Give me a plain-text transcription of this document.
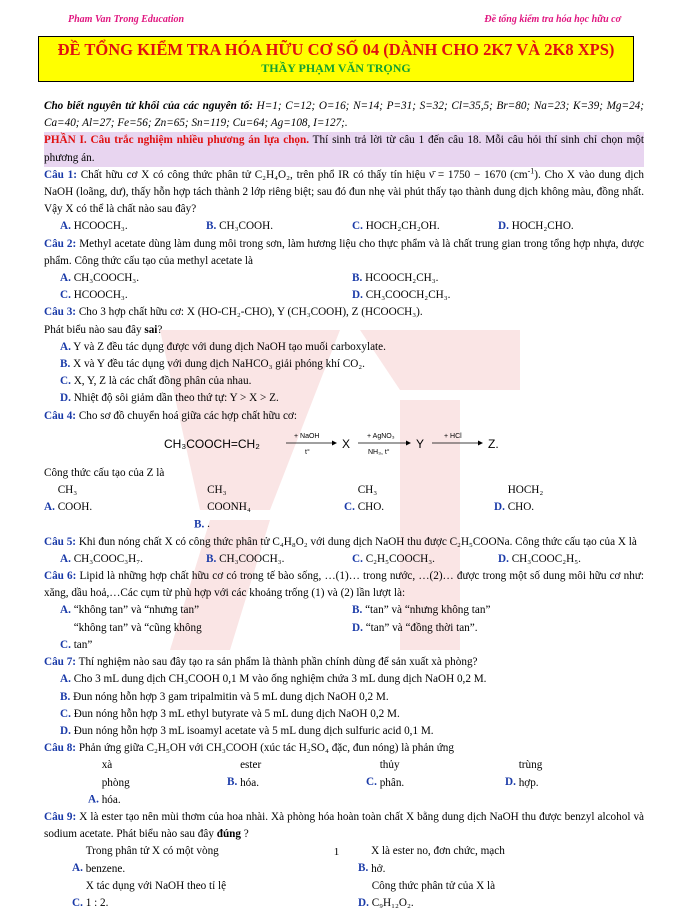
Pham Van Trong Education	Đề tổng kiểm tra hóa học hữu cơ
ĐỀ TỔNG KIỂM TRA HÓA HỮU CƠ SỐ 04 (DÀNH CHO 2K7 VÀ 2K8 XPS)
THẦY PHẠM VĂN TRỌNG

Cho biết nguyên tử khối của các nguyên tố: H=1; C=12; O=16; N=14; P=31; S=32; Cl=35,5; Br=80; Na=23; K=39; Mg=24; Ca=40; Al=27; Fe=56; Zn=65; Sn=119; Cu=64; Ag=108, I=127;.

PHẦN I. Câu trắc nghiệm nhiều phương án lựa chọn. Thí sinh trả lời từ câu 1 đến câu 18. Mỗi câu hỏi thí sinh chỉ chọn một phương án.

Câu 1: Chất hữu cơ X có công thức phân tử C₂H₄O₂, trên phổ IR có thấy tín hiệu ν̄ = 1750 − 1670 $(cm^{-1})$. Cho X vào dung dịch NaOH (loãng, dư), thấy hỗn hợp tách thành 2 lớp riêng biệt; sau đó đun nhẹ vài phút thấy tạo thành dung dịch không màu, đồng nhất. Vậy X có thể là chất nào sau đây?

A. HCOOCH₃.	B. CH₃COOH.	C. HOCH₂CH₂OH.	D. HOCH₂CHO.

Câu 2: Methyl acetate dùng làm dung môi trong sơn, làm hương liệu cho thực phẩm và là chất trung gian trong tổng hợp nhựa, dược phẩm. Công thức cấu tạo của methyl acetate là

A. CH₃COOCH₃.	B. HCOOCH₂CH₃.
C. HCOOCH₃.	D. CH₃COOCH₂CH₃.

Câu 3: Cho 3 hợp chất hữu cơ: X (HO-CH₂-CHO), Y (CH₃COOH), Z (HCOOCH₃).

Phát biểu nào sau đây sai?

A. Y và Z đều tác dụng được với dung dịch NaOH tạo muối carboxylate.
B. X và Y đều tác dụng với dung dịch NaHCO₃ giải phóng khí CO₂.
C. X, Y, Z là các chất đồng phân của nhau.
D. Nhiệt độ sôi giảm dần theo thứ tự: Y > X > Z.

Câu 4: Cho sơ đồ chuyển hoá giữa các hợp chất hữu cơ:

CH₃COOCH=CH₂
+ NaOH
t°
X
+ AgNO₃
NH₃, t°
Y
+ HCl
Z.

Công thức cấu tạo của Z là

A. CH₃ COOH.
B. CH₃ COONH₄ .
C. CH₃ CHO.	D. HOCH₂ CHO.

Câu 5: Khi đun nóng chất X có công thức phân tử C₄H₈O₂ với dung dịch NaOH thu được C₂H₅COONa. Công thức cấu tạo của X là

A. CH₃COOC₃H₇.	B. CH₃COOCH₃.	C. C₂H₅COOCH₃.	D. CH₃COOC₂H₅.

Câu 6: Lipid là những hợp chất hữu cơ có trong tế bào sống, …(1)… trong nước, …(2)… được trong một số dung môi hữu cơ như: xăng, dầu hoả,…Các cụm từ phù hợp với các khoảng trống (1) và (2) lần lượt là:

A. “không tan” và “nhưng tan”	B. “tan” và “nhưng không tan”
C. “không tan” và “cũng không tan”
D. “tan” và “đồng thời tan”.

Câu 7: Thí nghiệm nào sau đây tạo ra sản phẩm là thành phần chính dùng để sản xuất xà phòng?

A. Cho 3 mL dung dịch CH₃COOH 0,1 M vào ống nghiệm chứa 3 mL dung dịch NaOH 0,2 M.
B. Đun nóng hỗn hợp 3 gam tripalmitin và 5 mL dung dịch NaOH 0,2 M.
C. Đun nóng hỗn hợp 3 mL ethyl butyrate và 5 mL dung dịch NaOH 0,2 M.
D. Đun nóng hỗn hợp 3 mL isoamyl acetate và 5 mL dung dịch sulfuric acid 0,1 M.

Câu 8: Phản ứng giữa C₂H₅OH với CH₃COOH (xúc tác H₂SO₄ đặc, đun nóng) là phản ứng

A. xà phòng hóa.
B. ester hóa.	C. thủy phân.	D. trùng hợp.

Câu 9: X là ester tạo nên mùi thơm của hoa nhài. Xà phòng hóa hoàn toàn chất X bằng dung dịch NaOH thu được benzyl alcohol và sodium acetate. Phát biểu nào sau đây đúng ?

A. Trong phân tử X có một vòng benzene.	B. X là ester no, đơn chức, mạch hở.
C. X tác dụng với NaOH theo tỉ lệ 1 : 2.	D. Công thức phân tử của X là C₉H₁₂O₂.
1
